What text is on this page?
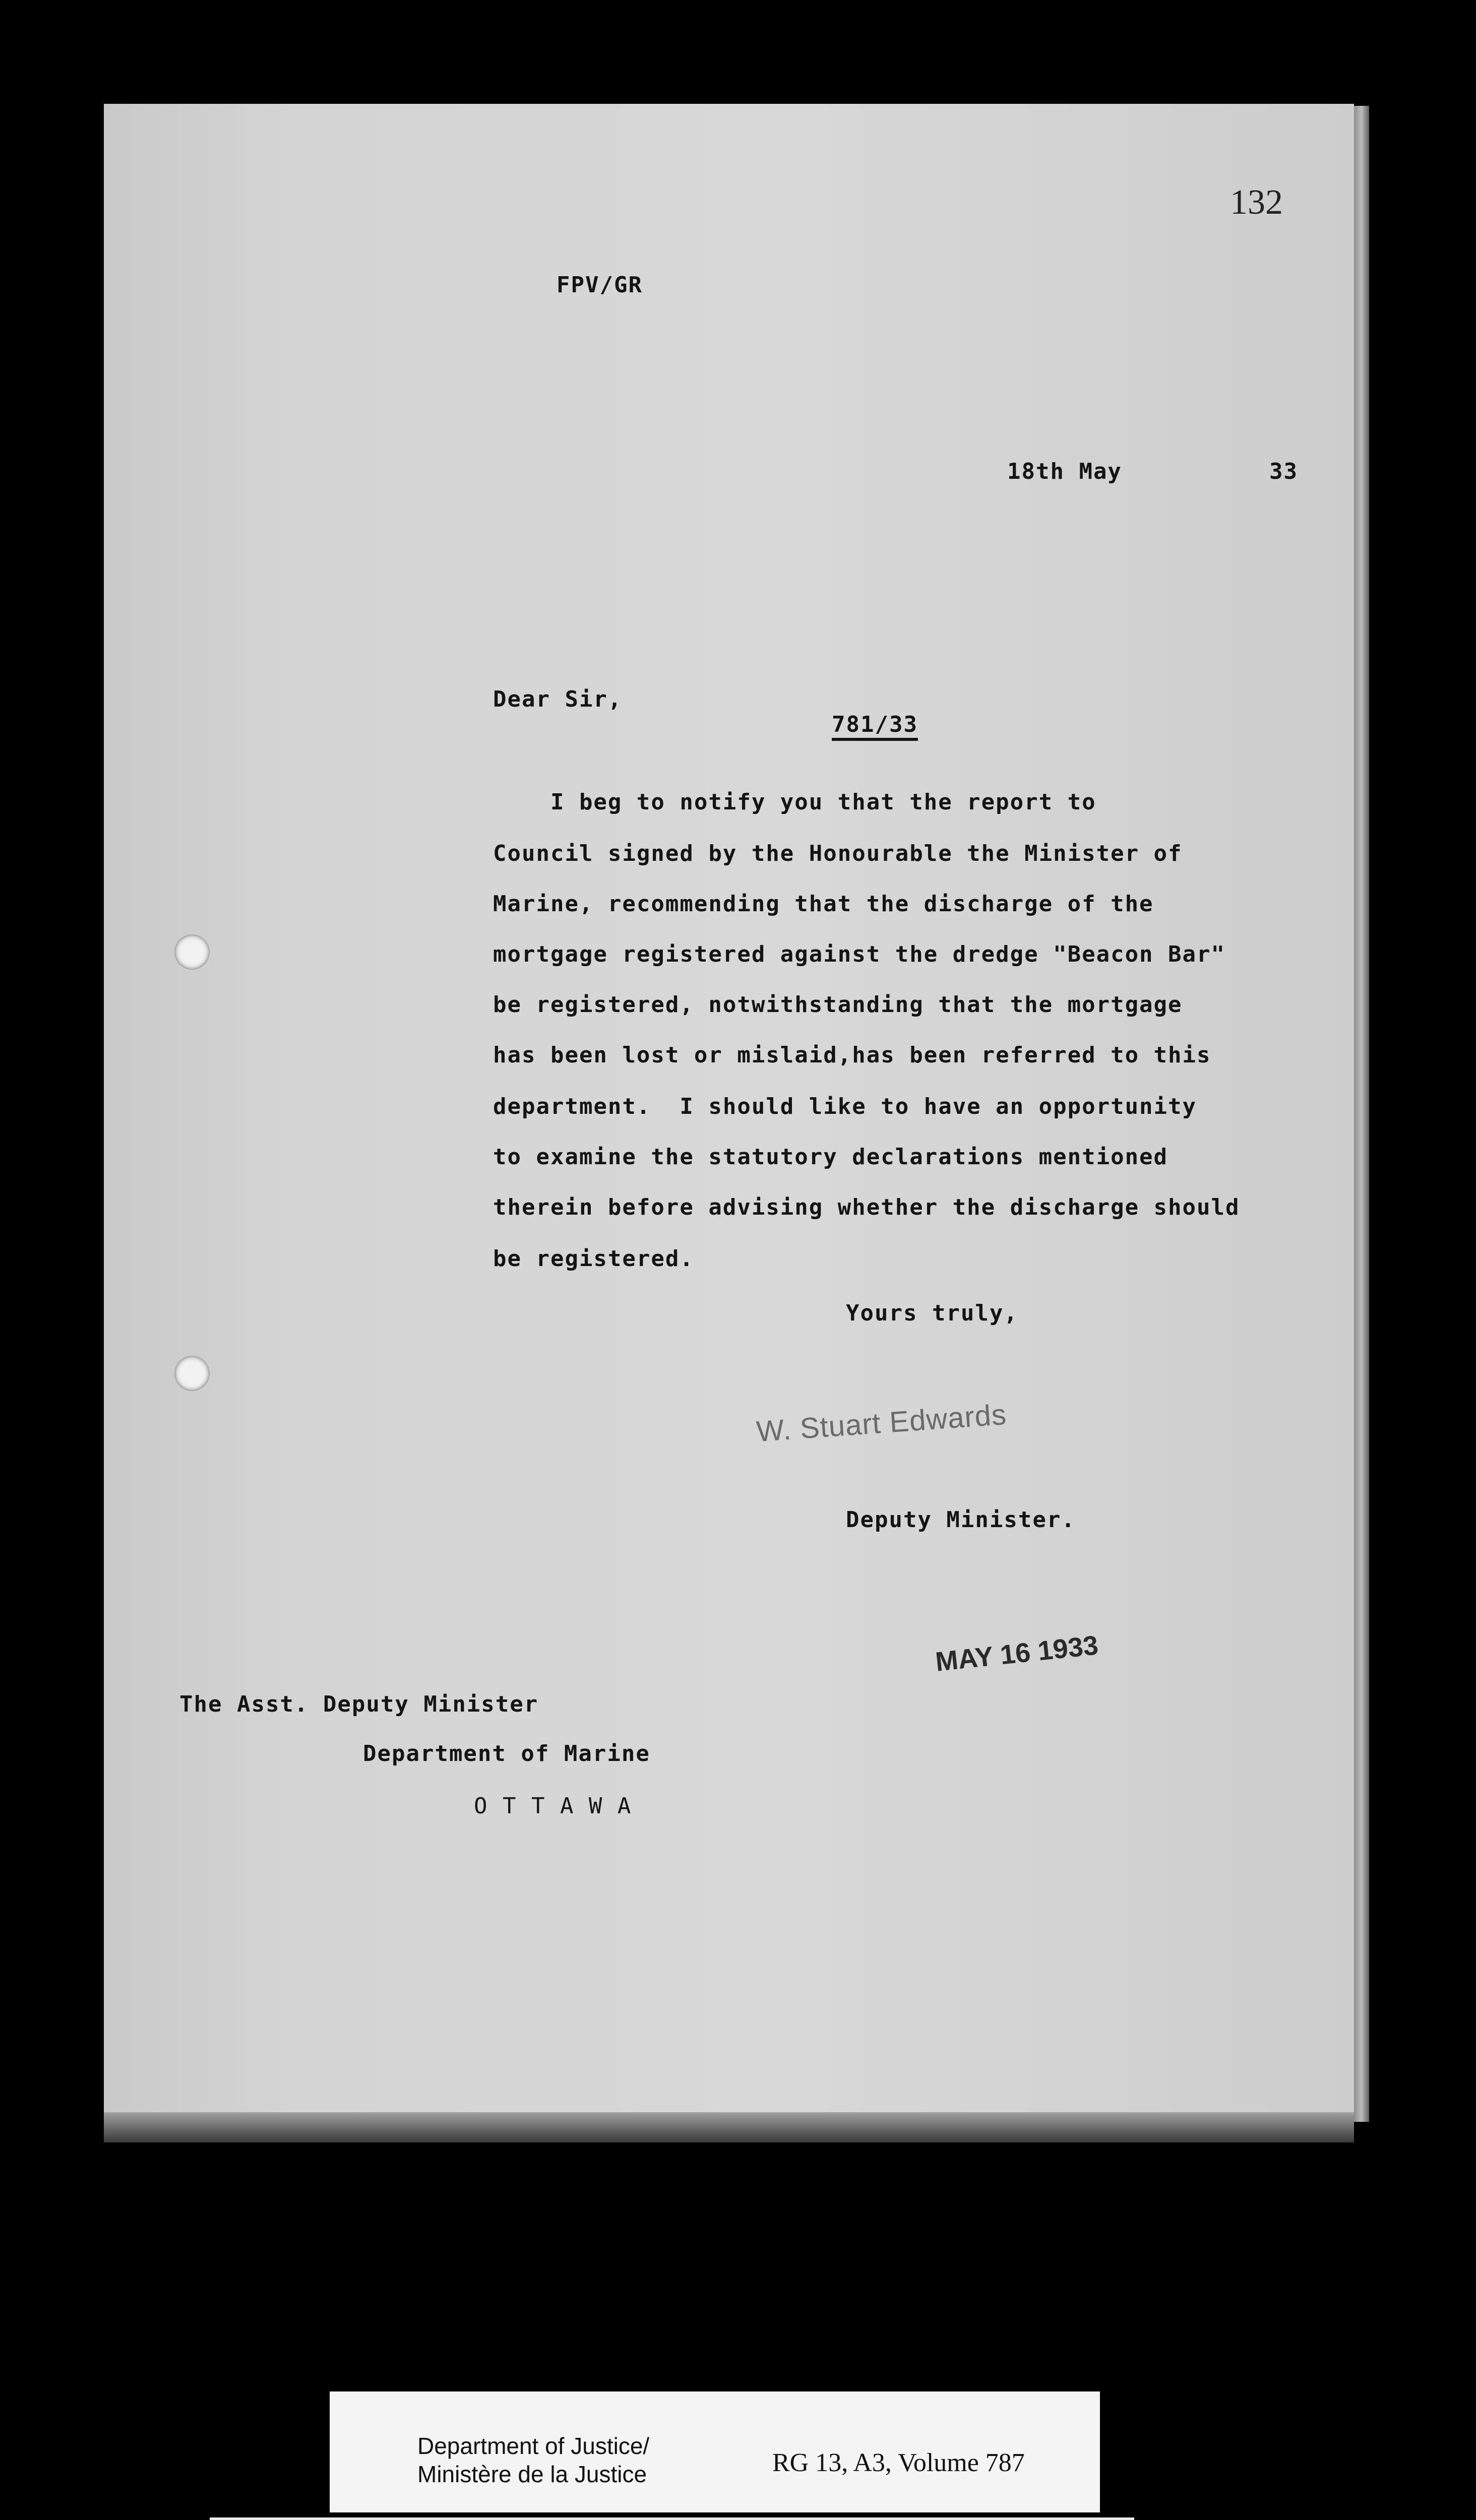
132
FPV/GR
18th May	33
Dear Sir,
781/33
I beg to notify you that the report to
Council signed by the Honourable the Minister of
Marine, recommending that the discharge of the
mortgage registered against the dredge "Beacon Bar"
be registered, notwithstanding that the mortgage
has been lost or mislaid,has been referred to this
department.  I should like to have an opportunity
to examine the statutory declarations mentioned
therein before advising whether the discharge should
be registered.
Yours truly,
W. Stuart Edwards
Deputy Minister.
MAY 16 1933
The Asst. Deputy Minister
Department of Marine
O T T A W A
Department of Justice/
Ministère de la Justice	RG 13, A3, Volume 787
